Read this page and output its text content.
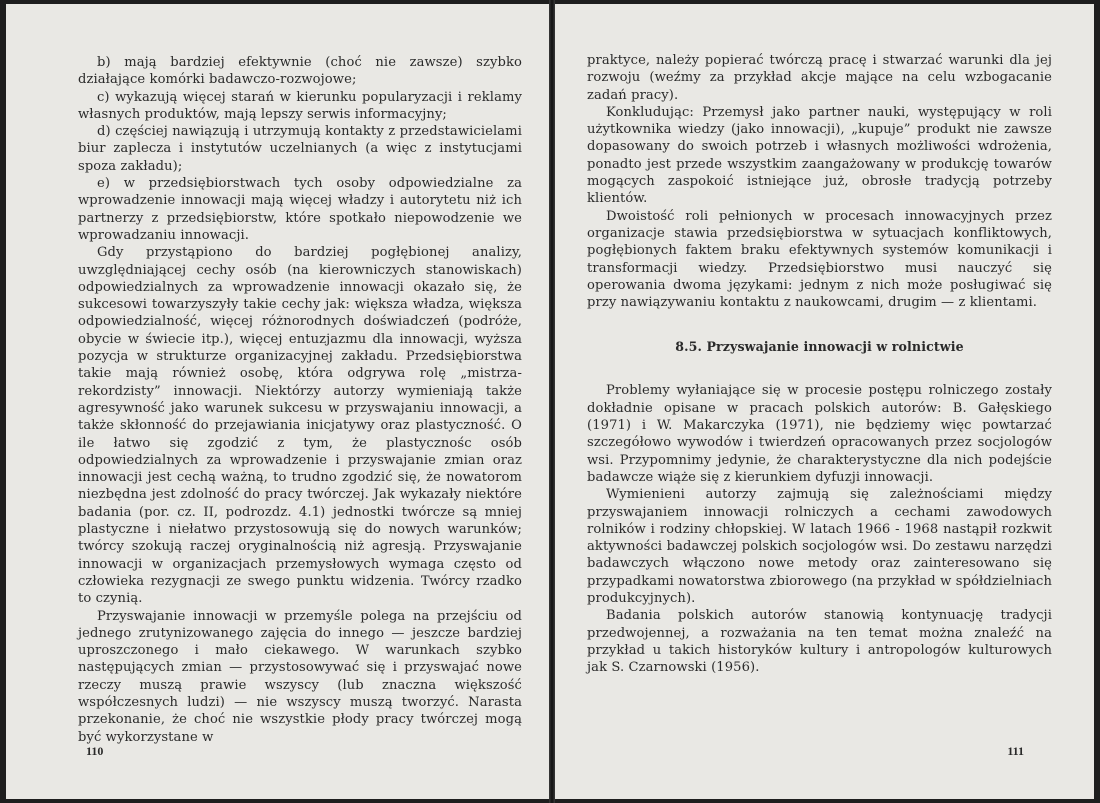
b) mają bardziej efektywnie (choć nie zawsze) szybko działające komórki badawczo-rozwojowe;

c) wykazują więcej starań w kierunku popularyzacji i reklamy własnych produktów, mają lepszy serwis informacyjny;

d) częściej nawiązują i utrzymują kontakty z przedstawicielami biur zaplecza i instytutów uczelnianych (a więc z instytucjami spoza zakładu);

e) w przedsiębiorstwach tych osoby odpowiedzialne za wprowadzenie innowacji mają więcej władzy i autorytetu niż ich partnerzy z przedsiębiorstw, które spotkało niepowodzenie we wprowadzaniu innowacji.

Gdy przystąpiono do bardziej pogłębionej analizy, uwzględniającej cechy osób (na kierowniczych stanowiskach) odpowiedzialnych za wprowadzenie innowacji okazało się, że sukcesowi towarzyszyły takie cechy jak: większa władza, większa odpowiedzialność, więcej różnorodnych doświadczeń (podróże, obycie w świecie itp.), więcej entuzjazmu dla innowacji, wyższa pozycja w strukturze organizacyjnej zakładu. Przedsiębiorstwa takie mają również osobę, która odgrywa rolę „mistrza-rekordzisty” innowacji. Niektórzy autorzy wymieniają także agresywność jako warunek sukcesu w przyswajaniu innowacji, a także skłonność do przejawiania inicjatywy oraz plastyczność. O ile łatwo się zgodzić z tym, że plastycznośc osób odpowiedzialnych za wprowadzenie i przyswajanie zmian oraz innowacji jest cechą ważną, to trudno zgodzić się, że nowatorom niezbędna jest zdolność do pracy twórczej. Jak wykazały niektóre badania (por. cz. II, podrozdz. 4.1) jednostki twórcze są mniej plastyczne i niełatwo przystosowują się do nowych warunków; twórcy szokują raczej oryginalnością niż agresją. Przyswajanie innowacji w organizacjach przemysłowych wymaga często od człowieka rezygnacji ze swego punktu widzenia. Twórcy rzadko to czynią.

Przyswajanie innowacji w przemyśle polega na przejściu od jednego zrutynizowanego zajęcia do innego — jeszcze bardziej uproszczonego i mało ciekawego. W warunkach szybko następujących zmian — przystosowywać się i przyswajać nowe rzeczy muszą prawie wszyscy (lub znaczna większość współczesnych ludzi) — nie wszyscy muszą tworzyć. Narasta przekonanie, że choć nie wszystkie płody pracy twórczej mogą być wykorzystane w

110

praktyce, należy popierać twórczą pracę i stwarzać warunki dla jej rozwoju (weźmy za przykład akcje mające na celu wzbogacanie zadań pracy).

Konkludując: Przemysł jako partner nauki, występujący w roli użytkownika wiedzy (jako innowacji), „kupuje” produkt nie zawsze dopasowany do swoich potrzeb i własnych możliwości wdrożenia, ponadto jest przede wszystkim zaangażowany w produkcję towarów mogących zaspokoić istniejące już, obrosłe tradycją potrzeby klientów.

Dwoistość roli pełnionych w procesach innowacyjnych przez organizacje stawia przedsiębiorstwa w sytuacjach konfliktowych, pogłębionych faktem braku efektywnych systemów komunikacji i transformacji wiedzy. Przedsiębiorstwo musi nauczyć się operowania dwoma językami: jednym z nich może posługiwać się przy nawiązywaniu kontaktu z naukowcami, drugim — z klientami.

8.5. Przyswajanie innowacji w rolnictwie

Problemy wyłaniające się w procesie postępu rolniczego zostały dokładnie opisane w pracach polskich autorów: B. Gałęskiego (1971) i W. Makarczyka (1971), nie będziemy więc powtarzać szczegółowo wywodów i twierdzeń opracowanych przez socjologów wsi. Przypomnimy jedynie, że charakterystyczne dla nich podejście badawcze wiąże się z kierunkiem dyfuzji innowacji.

Wymienieni autorzy zajmują się zależnościami między przyswajaniem innowacji rolniczych a cechami zawodowych rolników i rodziny chłopskiej. W latach 1966 - 1968 nastąpił rozkwit aktywności badawczej polskich socjologów wsi. Do zestawu narzędzi badawczych włączono nowe metody oraz zainteresowano się przypadkami nowatorstwa zbiorowego (na przykład w spółdzielniach produkcyjnych).

Badania polskich autorów stanowią kontynuację tradycji przedwojennej, a rozważania na ten temat można znaleźć na przykład u takich historyków kultury i antropologów kulturowych jak S. Czarnowski (1956).

111
